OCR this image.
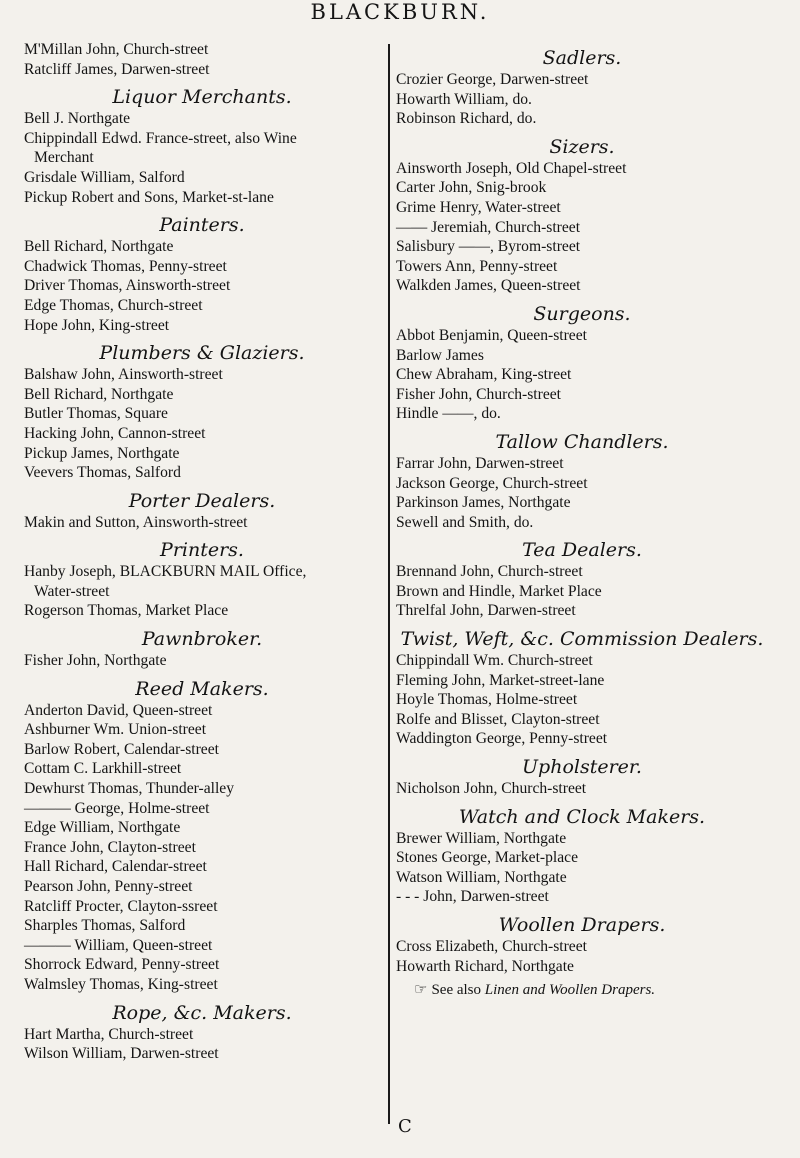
BLACKBURN.
M'Millan John, Church-street
Ratcliff James, Darwen-street
Liquor Merchants.
Bell J. Northgate
Chippindall Edwd. France-street, also Wine
Merchant
Grisdale William, Salford
Pickup Robert and Sons, Market-st-lane
Painters.
Bell Richard, Northgate
Chadwick Thomas, Penny-street
Driver Thomas, Ainsworth-street
Edge Thomas, Church-street
Hope John, King-street
Plumbers & Glaziers.
Balshaw John, Ainsworth-street
Bell Richard, Northgate
Butler Thomas, Square
Hacking John, Cannon-street
Pickup James, Northgate
Veevers Thomas, Salford
Porter Dealers.
Makin and Sutton, Ainsworth-street
Printers.
Hanby Joseph, BLACKBURN MAIL Office,
Water-street
Rogerson Thomas, Market Place
Pawnbroker.
Fisher John, Northgate
Reed Makers.
Anderton David, Queen-street
Ashburner Wm. Union-street
Barlow Robert, Calendar-street
Cottam C. Larkhill-street
Dewhurst Thomas, Thunder-alley
——— George, Holme-street
Edge William, Northgate
France John, Clayton-street
Hall Richard, Calendar-street
Pearson John, Penny-street
Ratcliff Procter, Clayton-ssreet
Sharples Thomas, Salford
——— William, Queen-street
Shorrock Edward, Penny-street
Walmsley Thomas, King-street
Rope, &c. Makers.
Hart Martha, Church-street
Wilson William, Darwen-street
Sadlers.
Crozier George, Darwen-street
Howarth William, do.
Robinson Richard, do.
Sizers.
Ainsworth Joseph, Old Chapel-street
Carter John, Snig-brook
Grime Henry, Water-street
—— Jeremiah, Church-street
Salisbury ——, Byrom-street
Towers Ann, Penny-street
Walkden James, Queen-street
Surgeons.
Abbot Benjamin, Queen-street
Barlow James
Chew Abraham, King-street
Fisher John, Church-street
Hindle ——, do.
Tallow Chandlers.
Farrar John, Darwen-street
Jackson George, Church-street
Parkinson James, Northgate
Sewell and Smith, do.
Tea Dealers.
Brennand John, Church-street
Brown and Hindle, Market Place
Threlfal John, Darwen-street
Twist, Weft, &c. Commission Dealers.
Chippindall Wm. Church-street
Fleming John, Market-street-lane
Hoyle Thomas, Holme-street
Rolfe and Blisset, Clayton-street
Waddington George, Penny-street
Upholsterer.
Nicholson John, Church-street
Watch and Clock Makers.
Brewer William, Northgate
Stones George, Market-place
Watson William, Northgate
- - - John, Darwen-street
Woollen Drapers.
Cross Elizabeth, Church-street
Howarth Richard, Northgate
☞ See also Linen and Woollen Drapers.
C
